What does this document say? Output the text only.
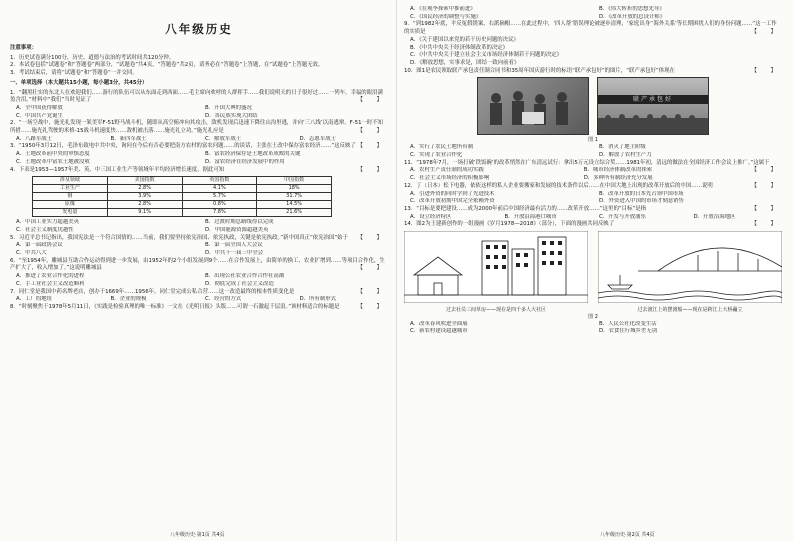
八年级历史
注意事项：

1．历史试卷满分100分，历史、道德与法治的考试时间共120分钟。

2．本试卷包括“试题卷”和“答题卷”两部分，“试题卷”共4页，“答题卷”共2页，请务必在“答题卷”上答题，在“试题卷”上答题无效。

3．考试结束后，请将“试题卷”和“答题卷”一并交回。

一、单项选择（本大题共15小题，每小题3分，共45分）

1．“翻黑壮实的东北人在欢迎我们……游行的队伍可以从东面走到西面……毛主席向欢呼的人群挥手……我们说明天的日子很好过……一列车，幸福的眼泪满盈含泪。”材料中“我们”当时见证了	【 】

A．全中国获得解放	B．开国大典的盛况
C．中国共产党诞生	D．各民族实现大团结

2．“一场空战中，施光礼发现一架美军F-51野马战斗机，随即从高空俯冲向其攻击，敌机发现后迅速下降往山沟里逃，并向‘三八线’以南逃窜。F-51一时不知所措……施光礼驾驶的米格-15战斗机速度快……敌机被击落……施光礼立功。”施光礼应是	【 】

A．八路军战士	B．新四军战士	C．解放军战士	D．志愿军战士

3．“1950年3月12日，毛泽东致电中共中央，询问在今后有否必要把南方农村的富农问题……的谈话，主张在土改中保存富农经济……”这反映了 【 】

A．土地改革前中央的审慎态度	B．富农经济保存是土地改革成败的关键
C．土地改革中富农土地被没收	D．富农经济在经济发展中的作用

4．下表是1953—1957年美、英、中三国工业生产等领域年平均经济增长速度，据此可知	【 】

涉及领域	美国指数	英国指数	中国指数
工业生产	2.8%	4.1%	18%
钢	3.9%	5.7%	31.7%
原煤	2.8%	0.8%	14.5%
发电量	9.1%	7.8%	21.6%
A．中国工业实力超越美英	B．过渡时期总路线得以完成
C．社会主义制度优越性	D．中国能源资源超越美英

5．习近平总书记指出，我国宪法是一个符合国情的……当前，我们要坚持依宪治国、依宪执政，关键是依宪执政。”新中国真正“依宪治国”始于 【 】

A．第一届政协会议	B．第一届全国人大会议
C．中共八大	D．中共十一届三中全会

6．“至1954年，雕城县互助合作运动得到进一步发展，由1952年的2个小组发展到9个……在合作发展上，由简单的换工、农业扩增到……等项目合作化，生产扩大了，收入增加了。”这说明雕城县	【 】

A．推进了农业合作化的进程	B．出现公社农业合作合作社高潮
C．手工业社会主义改造顺利	D．彻底完成了社会主义改造

7．同仁堂是我国中药名牌老店，创办于1669年……1956年，同仁堂完成公私合营……这一改造最终的根本性质变化是	【 】

A．工厂的地址	B．企业的规模	C．经营的方式	D．所有制形式

8．“时刻聚焦于1978年5月11日，《实践是检验真理的唯一标准》一文在《光明日报》头版……可谓一石激起千层浪。”该材料适合的标题是	【 】

八年级历史·第1页 共4页
A．《在观李探索中推前进》	B．《伟大转折的思想先导》
C．《国民经济的调整与实施》	D．《改革开放的总设计师》

9．“到1982年底，平反冤假错案、右派摘帽……在此过程中，‘四人帮’错误理论被逐步清理，‘家庭出身’‘海外关系’等长期困扰人们的身份问题……”这一工作的实质是	【 】

A．《关于建国以来党的若干历史问题的决议》
B．《中共中央关于经济体制改革的决定》
C．《中共中央关于建立社会主义市场经济体制若干问题的决定》
D．《解放思想，实事求是，团结一致向前看》

10．图1是农民领取联产承包责任制合同书和35周年国庆游行时的标语“联产承包好”的图片，“联产承包好”体现在	【 】

联产承包好
图 1
A．实行了农民土地所有制	B．消灭了地主阶级
C．实现了农业合作化	D．解放了农村生产力

11．“1978年7月，一场打破‘铁饭碗’的改革悄然在广东清远试行：拿出5万元设立综合奖……1981年初，清远的做法在全国经济工作会议上推广。”这属于
【 】

A．农村生产责任制的成功实践	B．城市经济体制改革的探索
C．社会主义市场经济的积极影响	D．多种所有制经济充分发展

12．丁（日本）松下电器，依依这样的私人企业要搬家和发展的技术条件以后……在中国大地上出现的改革开放后的中国……说明	【 】

A．引进外资的同时学到了先进技术	B．改革开放的日本先占领中国市场
C．改革开放初期中国完全依赖外资	D．外资进入中国的市场才刻意销售

13．“目标是要把建设……成为2000年前后中国经济最有活力的……改革开放……”这里的“目标”是指	【 】

A．设立经济特区	B．开放沿海港口城市	C．开发与开放浦东	D．开放沿海地区

14．图2为王建新创作的一组漫画《岁月1978—2018》（部分），下面的漫画共同反映了	【 】

过去社员三间草房——现在是四千多人大社区	过去渡江上的摆渡船——现在是跨江上大桥矗立
图 2
A．改革春风吹进全面展	B．人民公社化改变生活
C．新农村建设超越城市	D．衣食住行城乡差无别
八年级历史·第2页 共4页
